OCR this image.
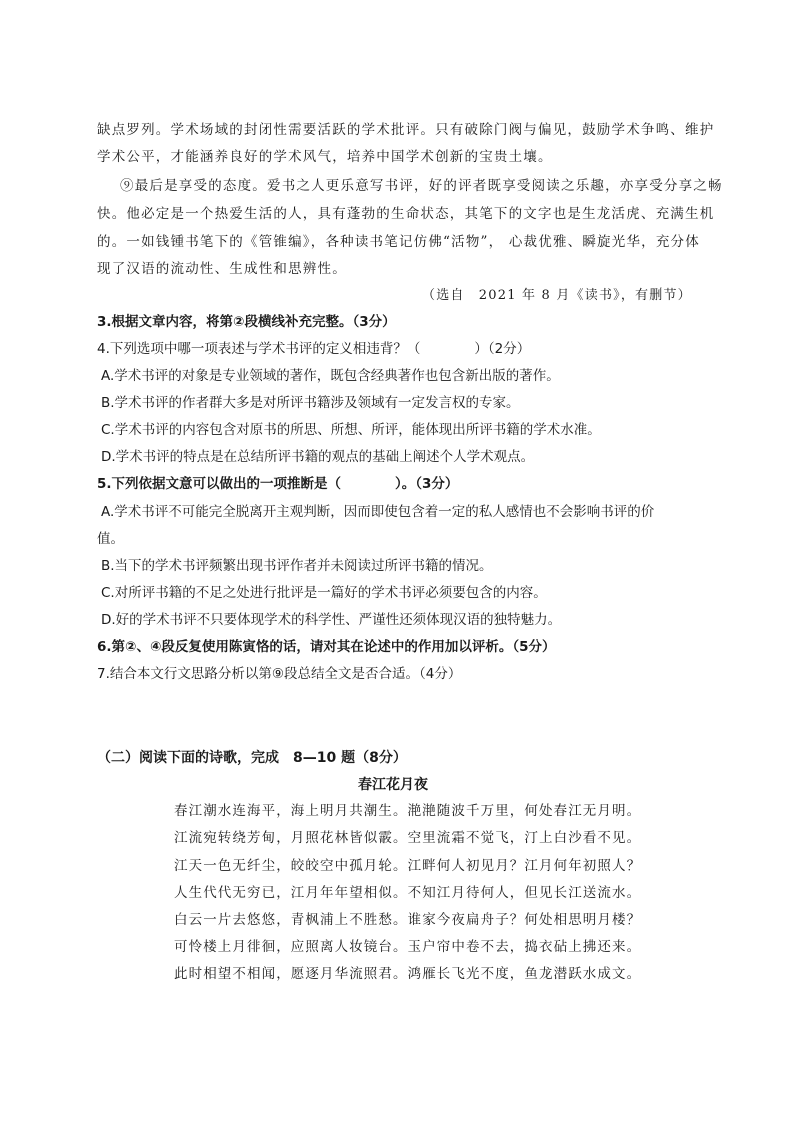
缺点罗列。学术场域的封闭性需要活跃的学术批评。只有破除门阀与偏见，鼓励学术争鸣、维护
学术公平，才能涵养良好的学术风气，培养中国学术创新的宝贵土壤。
⑨最后是享受的态度。爱书之人更乐意写书评，好的评者既享受阅读之乐趣，亦享受分享之畅
快。他必定是一个热爱生活的人，具有蓬勃的生命状态，其笔下的文字也是生龙活虎、充满生机
的。一如钱锺书笔下的《管锥编》，各种读书笔记仿佛“活物”， 心裁优雅、瞬旋光华，充分体
现了汉语的流动性、生成性和思辨性。
（选自　2021 年 8 月《读书》，有删节）
3.根据文章内容，将第②段横线补充完整。（3分）
4.下列选项中哪一项表述与学术书评的定义相违背？（　　　　）（2分）
A.学术书评的对象是专业领域的著作，既包含经典著作也包含新出版的著作。
B.学术书评的作者群大多是对所评书籍涉及领域有一定发言权的专家。
C.学术书评的内容包含对原书的所思、所想、所评，能体现出所评书籍的学术水准。
D.学术书评的特点是在总结所评书籍的观点的基础上阐述个人学术观点。
5.下列依据文意可以做出的一项推断是（　　　　）。（3分）
A.学术书评不可能完全脱离开主观判断，因而即使包含着一定的私人感情也不会影响书评的价
值。
B.当下的学术书评频繁出现书评作者并未阅读过所评书籍的情况。
C.对所评书籍的不足之处进行批评是一篇好的学术书评必须要包含的内容。
D.好的学术书评不只要体现学术的科学性、严谨性还须体现汉语的独特魅力。
6.第②、④段反复使用陈寅恪的话，请对其在论述中的作用加以评析。（5分）
7.结合本文行文思路分析以第⑨段总结全文是否合适。（4分）
（二）阅读下面的诗歌，完成　8—10 题（8分）
春江花月夜
春江潮水连海平，海上明月共潮生。滟滟随波千万里，何处春江无月明。
江流宛转绕芳甸，月照花林皆似霰。空里流霜不觉飞，汀上白沙看不见。
江天一色无纤尘，皎皎空中孤月轮。江畔何人初见月？江月何年初照人？
人生代代无穷已，江月年年望相似。不知江月待何人，但见长江送流水。
白云一片去悠悠，青枫浦上不胜愁。谁家今夜扁舟子？何处相思明月楼？
可怜楼上月徘徊，应照离人妆镜台。玉户帘中卷不去，捣衣砧上拂还来。
此时相望不相闻，愿逐月华流照君。鸿雁长飞光不度，鱼龙潜跃水成文。
